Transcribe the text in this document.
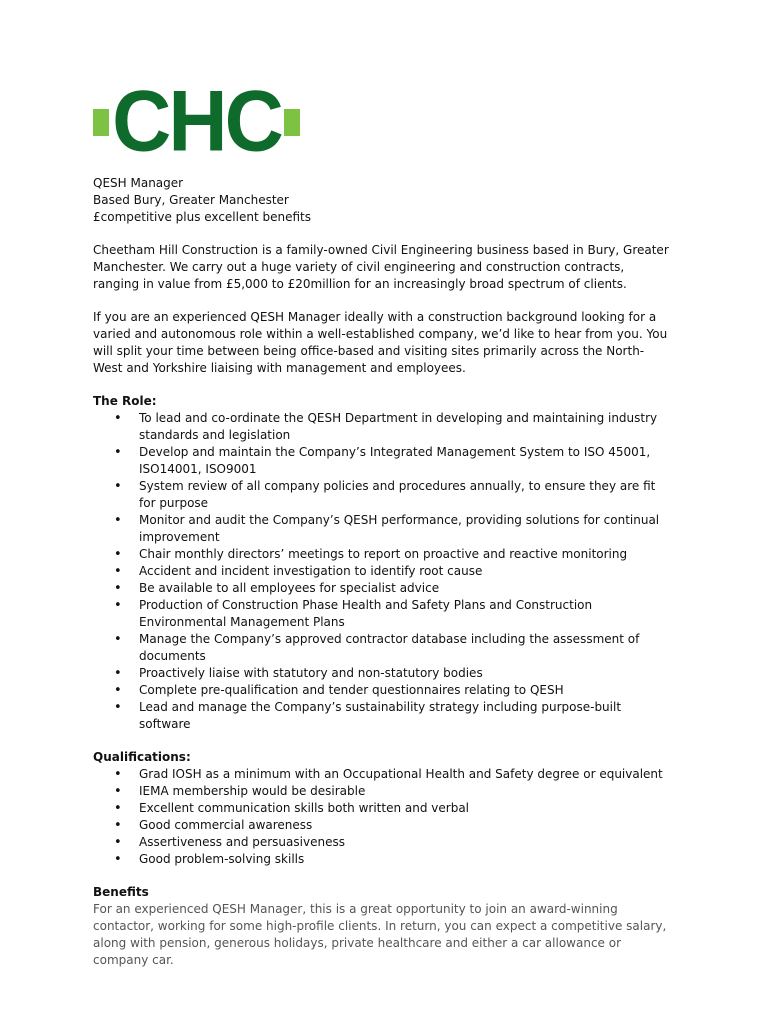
CHC

QESH Manager

Based Bury, Greater Manchester

£competitive plus excellent benefits

Cheetham Hill Construction is a family-owned Civil Engineering business based in Bury, Greater Manchester. We carry out a huge variety of civil engineering and construction contracts, ranging in value from £5,000 to £20million for an increasingly broad spectrum of clients.

If you are an experienced QESH Manager ideally with a construction background looking for a varied and autonomous role within a well-established company, we’d like to hear from you. You will split your time between being office-based and visiting sites primarily across the North-West and Yorkshire liaising with management and employees.

The Role:

• To lead and co-ordinate the QESH Department in developing and maintaining industry standards and legislation
• Develop and maintain the Company’s Integrated Management System to ISO 45001, ISO14001, ISO9001
• System review of all company policies and procedures annually, to ensure they are fit for purpose
• Monitor and audit the Company’s QESH performance, providing solutions for continual improvement
• Chair monthly directors’ meetings to report on proactive and reactive monitoring
• Accident and incident investigation to identify root cause
• Be available to all employees for specialist advice
• Production of Construction Phase Health and Safety Plans and Construction Environmental Management Plans
• Manage the Company’s approved contractor database including the assessment of documents
• Proactively liaise with statutory and non-statutory bodies
• Complete pre-qualification and tender questionnaires relating to QESH
• Lead and manage the Company’s sustainability strategy including purpose-built software

Qualifications:

• Grad IOSH as a minimum with an Occupational Health and Safety degree or equivalent
• IEMA membership would be desirable
• Excellent communication skills both written and verbal
• Good commercial awareness
• Assertiveness and persuasiveness
• Good problem-solving skills

Benefits

For an experienced QESH Manager, this is a great opportunity to join an award-winning contactor, working for some high-profile clients. In return, you can expect a competitive salary, along with pension, generous holidays, private healthcare and either a car allowance or company car.
